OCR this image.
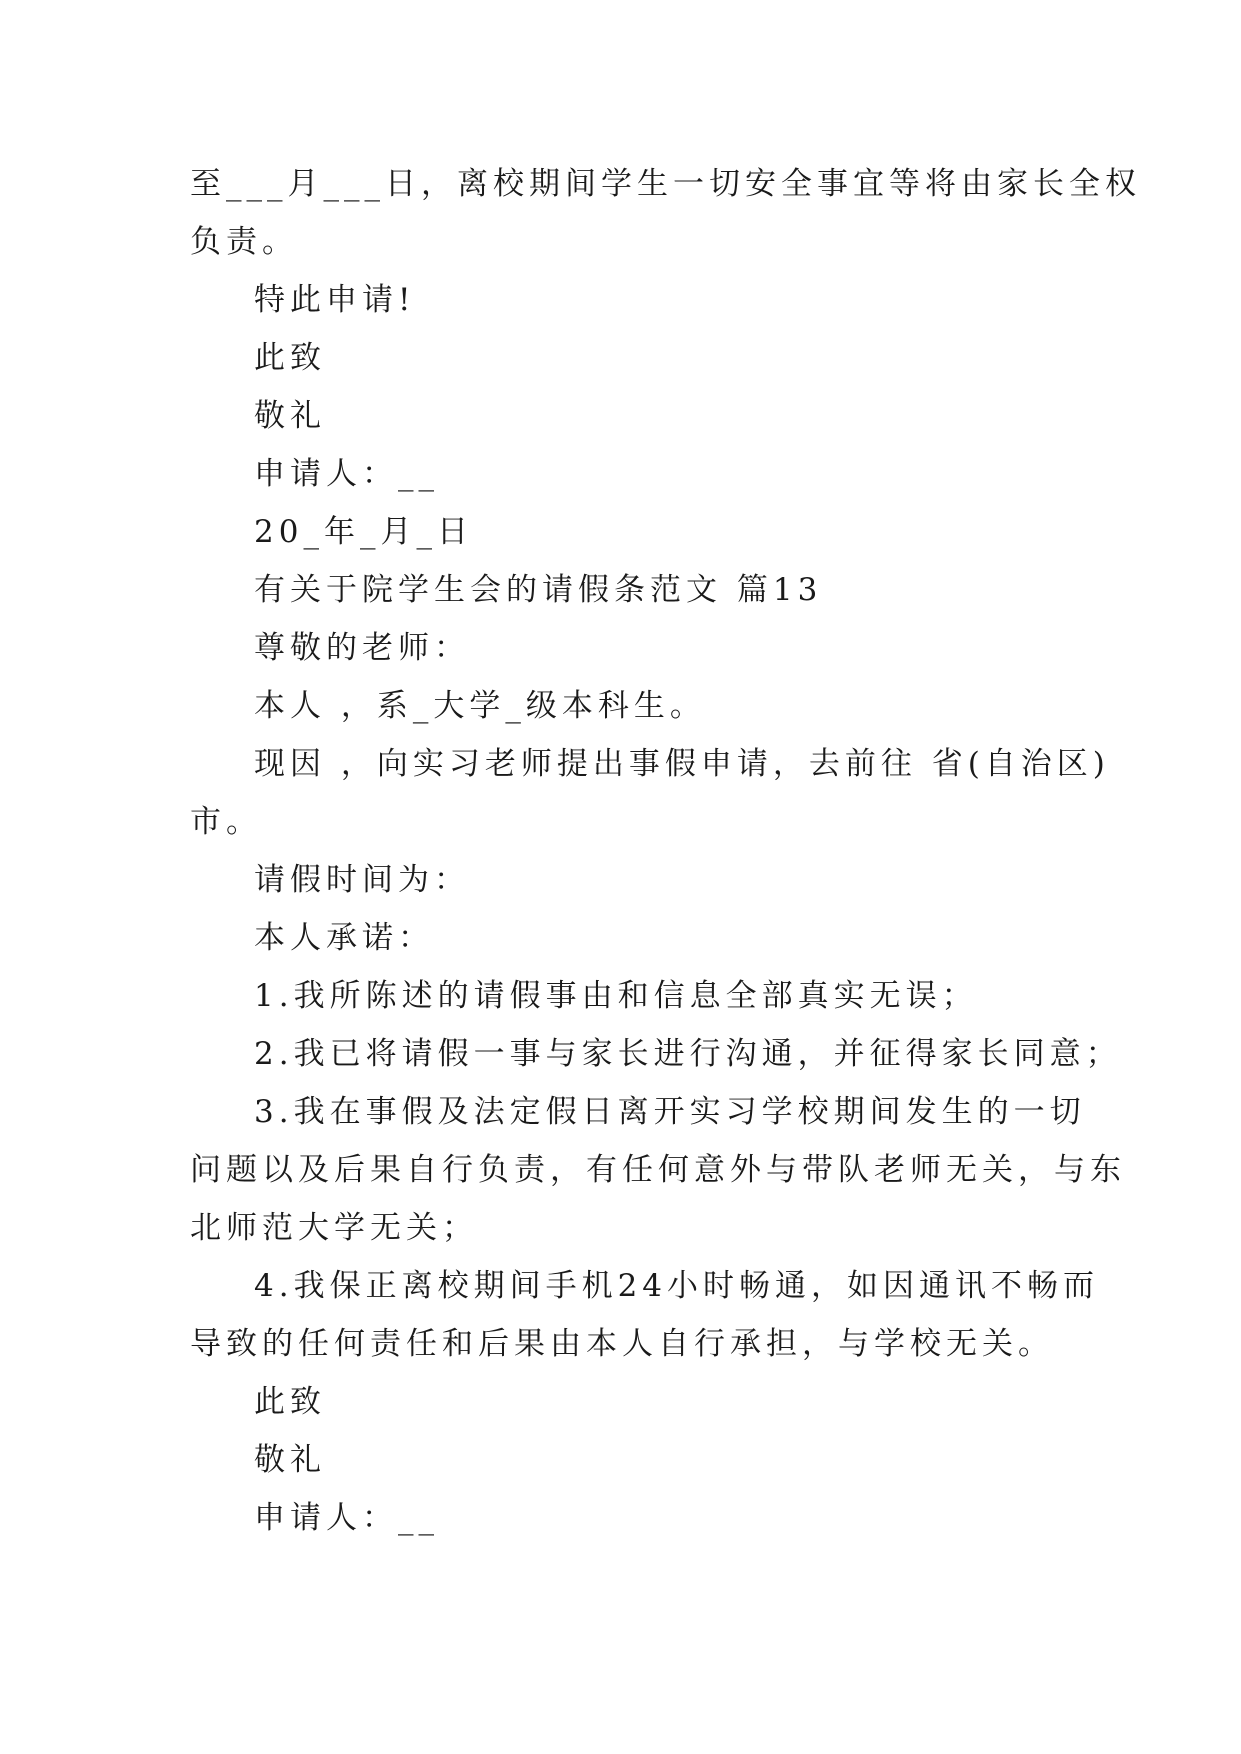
至___月___日，离校期间学生一切安全事宜等将由家长全权
负责。
特此申请!
此致
敬礼
申请人：__
20_年_月_日
有关于院学生会的请假条范文 篇13
尊敬的老师：
本人 ，系_大学_级本科生。
现因 ，向实习老师提出事假申请，去前往 省(自治区)
市。
请假时间为：
本人承诺：
1.我所陈述的请假事由和信息全部真实无误；
2.我已将请假一事与家长进行沟通，并征得家长同意；
3.我在事假及法定假日离开实习学校期间发生的一切
问题以及后果自行负责，有任何意外与带队老师无关，与东
北师范大学无关；
4.我保正离校期间手机24小时畅通，如因通讯不畅而
导致的任何责任和后果由本人自行承担，与学校无关。
此致
敬礼
申请人：__
